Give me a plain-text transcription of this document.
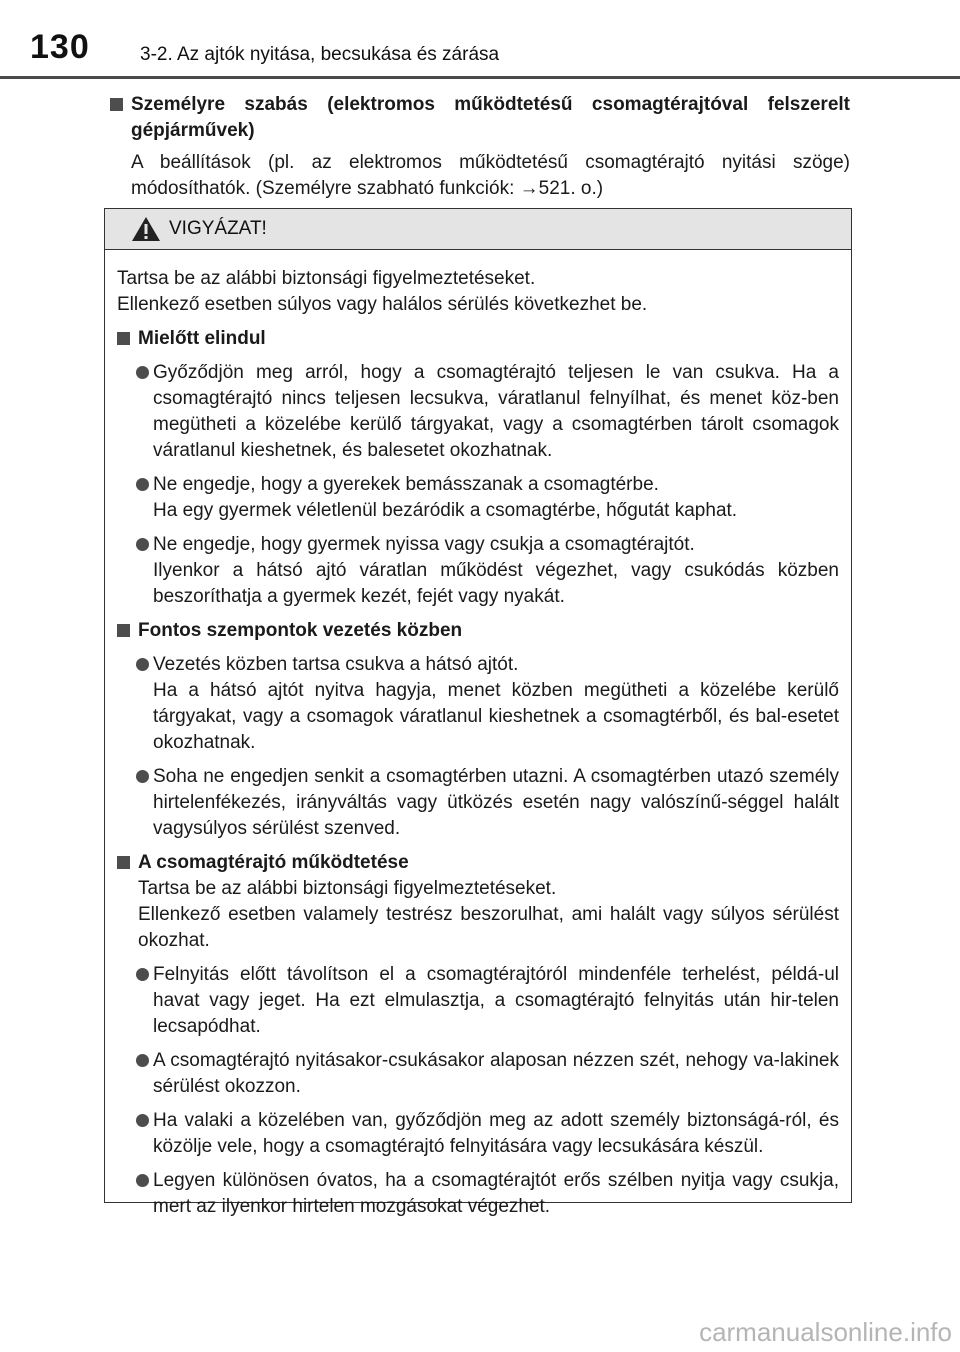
130	3-2. Az ajtók nyitása, becsukása és zárása
Személyre szabás (elektromos működtetésű csomagtérajtóval felszerelt gépjárművek)
A beállítások (pl. az elektromos működtetésű csomagtérajtó nyitási szöge) módosíthatók. (Személyre szabható funkciók: →521. o.)
VIGYÁZAT!
Tartsa be az alábbi biztonsági figyelmeztetéseket.
Ellenkező esetben súlyos vagy halálos sérülés következhet be.
Mielőtt elindul
Győződjön meg arról, hogy a csomagtérajtó teljesen le van csukva. Ha a csomagtérajtó nincs teljesen lecsukva, váratlanul felnyílhat, és menet köz-ben megütheti a közelébe kerülő tárgyakat, vagy a csomagtérben tárolt csomagok váratlanul kieshetnek, és balesetet okozhatnak.
Ne engedje, hogy a gyerekek bemásszanak a csomagtérbe.
Ha egy gyermek véletlenül bezáródik a csomagtérbe, hőgutát kaphat.
Ne engedje, hogy gyermek nyissa vagy csukja a csomagtérajtót.
Ilyenkor a hátsó ajtó váratlan működést végezhet, vagy csukódás közben beszoríthatja a gyermek kezét, fejét vagy nyakát.
Fontos szempontok vezetés közben
Vezetés közben tartsa csukva a hátsó ajtót.
Ha a hátsó ajtót nyitva hagyja, menet közben megütheti a közelébe kerülő tárgyakat, vagy a csomagok váratlanul kieshetnek a csomagtérből, és bal-esetet okozhatnak.
Soha ne engedjen senkit a csomagtérben utazni. A csomagtérben utazó személy hirtelenfékezés, irányváltás vagy ütközés esetén nagy valószínű-séggel halált vagysúlyos sérülést szenved.
A csomagtérajtó működtetése
Tartsa be az alábbi biztonsági figyelmeztetéseket.
Ellenkező esetben valamely testrész beszorulhat, ami halált vagy súlyos sérülést okozhat.
Felnyitás előtt távolítson el a csomagtérajtóról mindenféle terhelést, példá-ul havat vagy jeget. Ha ezt elmulasztja, a csomagtérajtó felnyitás után hir-telen lecsapódhat.
A csomagtérajtó nyitásakor-csukásakor alaposan nézzen szét, nehogy va-lakinek sérülést okozzon.
Ha valaki a közelében van, győződjön meg az adott személy biztonságá-ról, és közölje vele, hogy a csomagtérajtó felnyitására vagy lecsukására készül.
Legyen különösen óvatos, ha a csomagtérajtót erős szélben nyitja vagy csukja, mert az ilyenkor hirtelen mozgásokat végezhet.
carmanualsonline.info
